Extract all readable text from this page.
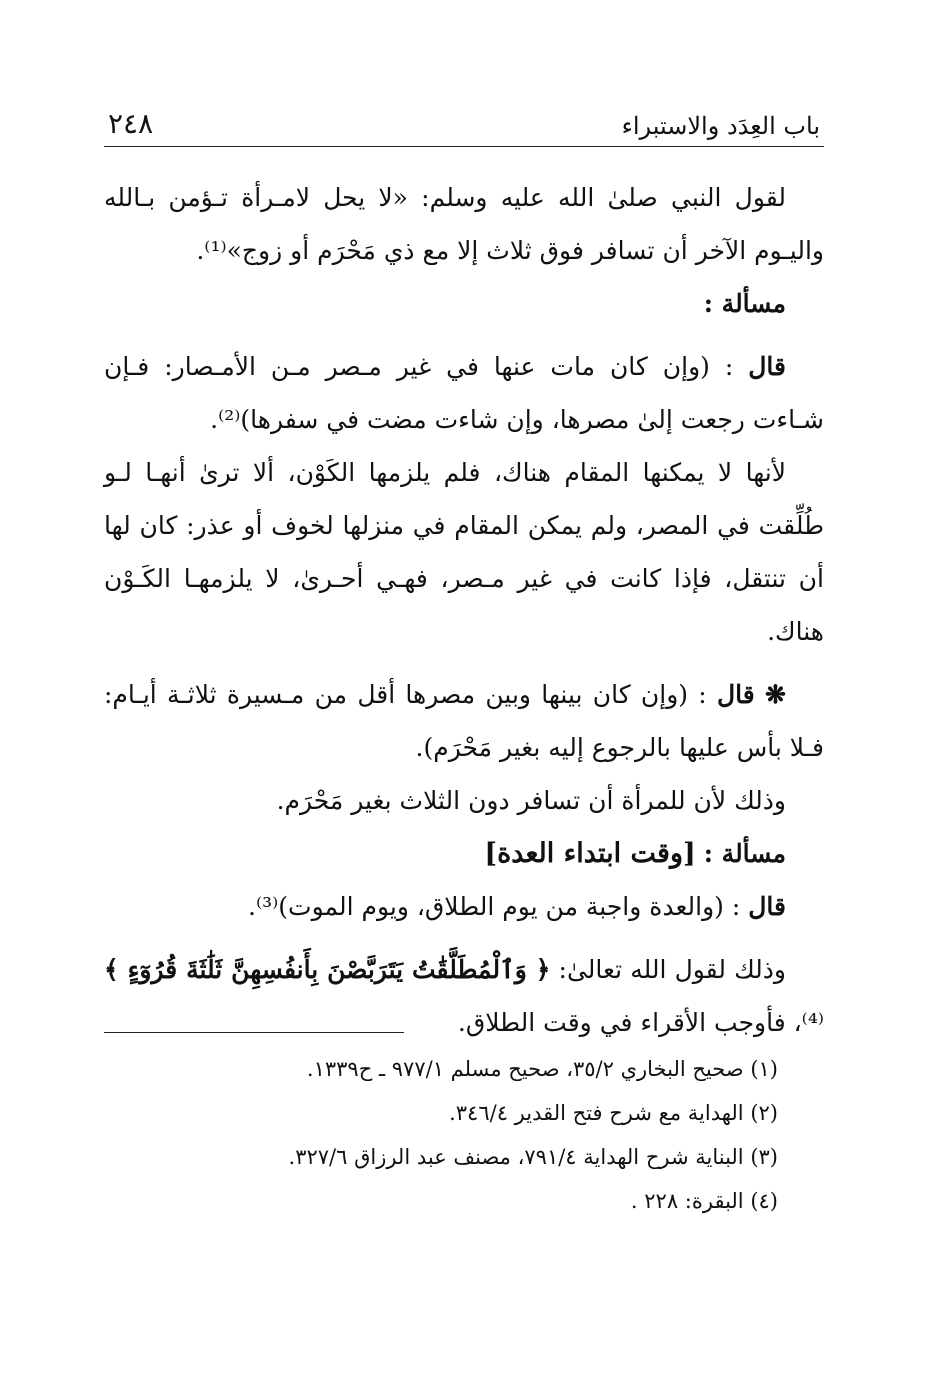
باب العِدَد والاستبراء
٢٤٨

لقول النبي صلىٰ الله عليه وسلم: «لا يحل لامـرأة تـؤمن بـالله واليـوم الآخر أن تسافر فوق ثلاث إلا مع ذي مَحْرَم أو زوج»⁽¹⁾.

مسألة :

قال : (وإن كان مات عنها في غير مـصر مـن الأمـصار: فـإن شـاءت رجعت إلىٰ مصرها، وإن شاءت مضت في سفرها)⁽²⁾.

لأنها لا يمكنها المقام هناك، فلم يلزمها الكَوْن، ألا ترىٰ أنهـا لـو طُلِّقت في المصر، ولم يمكن المقام في منزلها لخوف أو عذر: كان لها أن تنتقل، فإذا كانت في غير مـصر، فهـي أحـرىٰ، لا يلزمهـا الكَـوْن هناك.

❋ قال : (وإن كان بينها وبين مصرها أقل من مـسيرة ثلاثـة أيـام: فـلا بأس عليها بالرجوع إليه بغير مَحْرَم).

وذلك لأن للمرأة أن تسافر دون الثلاث بغير مَحْرَم.

مسألة : [وقت ابتداء العدة]

قال : (والعدة واجبة من يوم الطلاق، ويوم الموت)⁽³⁾.

وذلك لقول الله تعالىٰ: ﴿ وَٱلْمُطَلَّقَٰتُ يَتَرَبَّصْنَ بِأَنفُسِهِنَّ ثَلَٰثَةَ قُرُوٓءٍ ﴾⁽⁴⁾، فأوجب الأقراء في وقت الطلاق.

(١) صحيح البخاري ٣٥/٢، صحيح مسلم ٩٧٧/١ ـ ح١٣٣٩.

(٢) الهداية مع شرح فتح القدير ٣٤٦/٤.

(٣) البناية شرح الهداية ٧٩١/٤، مصنف عبد الرزاق ٣٢٧/٦.

(٤) البقرة: ٢٢٨ .
